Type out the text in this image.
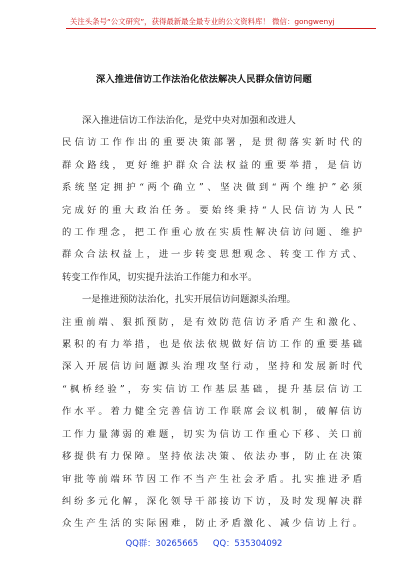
关注头条号“公文研究”，获得最新最全最专业的公文资料库！ 微信：gongwenyj
深入推进信访工作法治化依法解决人民群众信访问题
深入推进信访工作法治化，是党中央对加强和改进人
民信访工作作出的重要决策部署，是贯彻落实新时代的
群众路线，更好维护群众合法权益的重要举措，是信访
系统坚定拥护“两个确立”、坚决做到“两个维护”必须
完成好的重大政治任务。要始终秉持“人民信访为人民”
的工作理念，把工作重心放在实质性解决信访问题、维护
群众合法权益上，进一步转变思想观念、转变工作方式、
转变工作作风，切实提升法治工作能力和水平。
一是推进预防法治化，扎实开展信访问题源头治理。
注重前端、狠抓预防，是有效防范信访矛盾产生和激化、
累积的有力举措，也是依法依规做好信访工作的重要基础
深入开展信访问题源头治理攻坚行动，坚持和发展新时代
“枫桥经验”，夯实信访工作基层基础，提升基层信访工
作水平。着力健全完善信访工作联席会议机制，破解信访
工作力量薄弱的难题，切实为信访工作重心下移、关口前
移提供有力保障。坚持依法决策、依法办事，防止在决策
审批等前端环节因工作不当产生社会矛盾。扎实推进矛盾
纠纷多元化解，深化领导干部接访下访，及时发现解决群
众生产生活的实际困难，防止矛盾激化、减少信访上行。
QQ群：30265665 QQ：535304092
